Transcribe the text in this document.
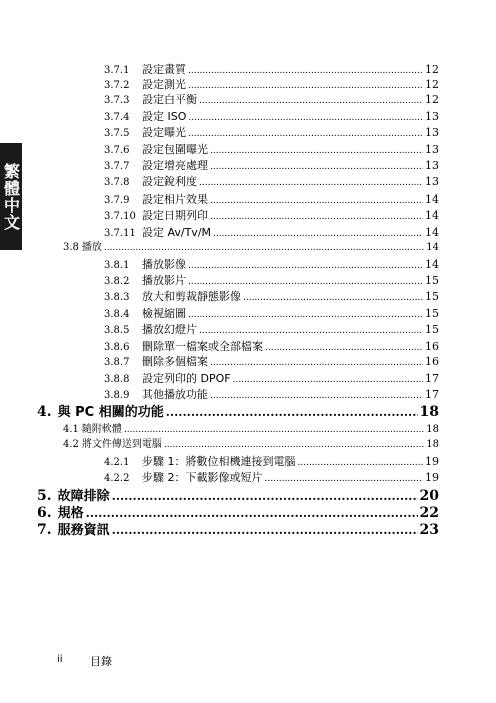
繁體中文
3.7.1	設定畫質 .....	12
3.7.2	設定測光 .....	12
3.7.3	設定白平衡 .....	12
3.7.4	設定 ISO .....	13
3.7.5	設定曝光 .....	13
3.7.6	設定包圍曝光 .....	13
3.7.7	設定增亮處理 .....	13
3.7.8	設定銳利度 .....	13
3.7.9	設定相片效果 .....	14
3.7.10 設定日期列印 .....	14
3.7.11 設定 Av/Tv/M .....	14
3.8 播放 .....	14
3.8.1	播放影像 .....	14
3.8.2	播放影片 .....	15
3.8.3	放大和剪裁靜態影像 .....	15
3.8.4	檢視縮圖 .....	15
3.8.5	播放幻燈片 .....	15
3.8.6	刪除單一檔案或全部檔案 .....	16
3.8.7	刪除多個檔案 .....	16
3.8.8	設定列印的 DPOF .....	17
3.8.9	其他播放功能 .....	17
4. 與 PC 相關的功能 .....	18
4.1 隨附軟體 .....	18
4.2 將文件傳送到電腦 .....	18
4.2.1	步驟 1：將數位相機連接到電腦 .....	19
4.2.2	步驟 2：下載影像或短片 .....	19
5. 故障排除 .....	20
6. 規格 .....	22
7. 服務資訊 .....	23
ii 目錄
